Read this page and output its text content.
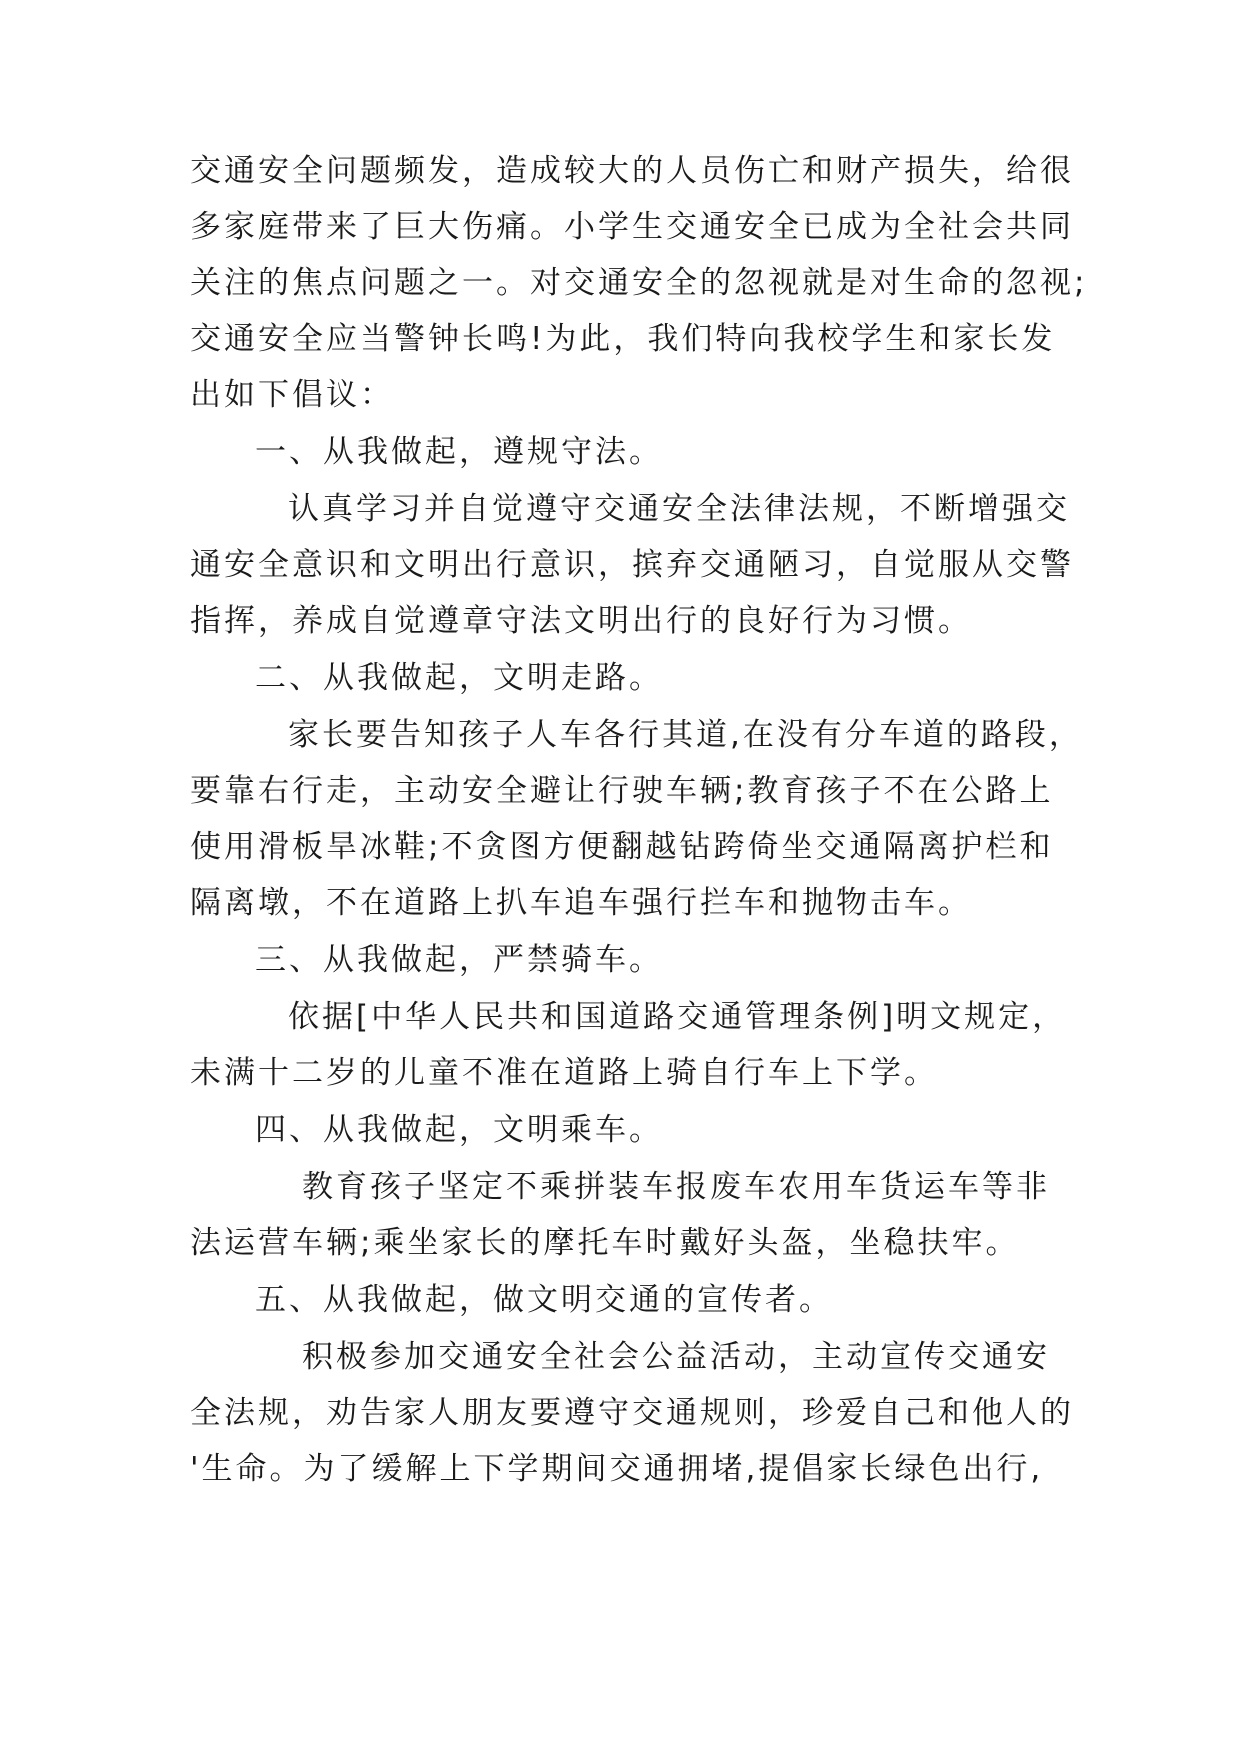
交通安全问题频发，造成较大的人员伤亡和财产损失，给很
多家庭带来了巨大伤痛。小学生交通安全已成为全社会共同
关注的焦点问题之一。对交通安全的忽视就是对生命的忽视;
交通安全应当警钟长鸣!为此，我们特向我校学生和家长发
出如下倡议：
一、从我做起，遵规守法。
认真学习并自觉遵守交通安全法律法规，不断增强交
通安全意识和文明出行意识，摈弃交通陋习，自觉服从交警
指挥，养成自觉遵章守法文明出行的良好行为习惯。
二、从我做起，文明走路。
家长要告知孩子人车各行其道,在没有分车道的路段，
要靠右行走，主动安全避让行驶车辆;教育孩子不在公路上
使用滑板旱冰鞋;不贪图方便翻越钻跨倚坐交通隔离护栏和
隔离墩，不在道路上扒车追车强行拦车和抛物击车。
三、从我做起，严禁骑车。
依据[中华人民共和国道路交通管理条例]明文规定，
未满十二岁的儿童不准在道路上骑自行车上下学。
四、从我做起，文明乘车。
教育孩子坚定不乘拼装车报废车农用车货运车等非
法运营车辆;乘坐家长的摩托车时戴好头盔，坐稳扶牢。
五、从我做起，做文明交通的宣传者。
积极参加交通安全社会公益活动，主动宣传交通安
全法规，劝告家人朋友要遵守交通规则，珍爱自己和他人的
'生命。为了缓解上下学期间交通拥堵,提倡家长绿色出行,
